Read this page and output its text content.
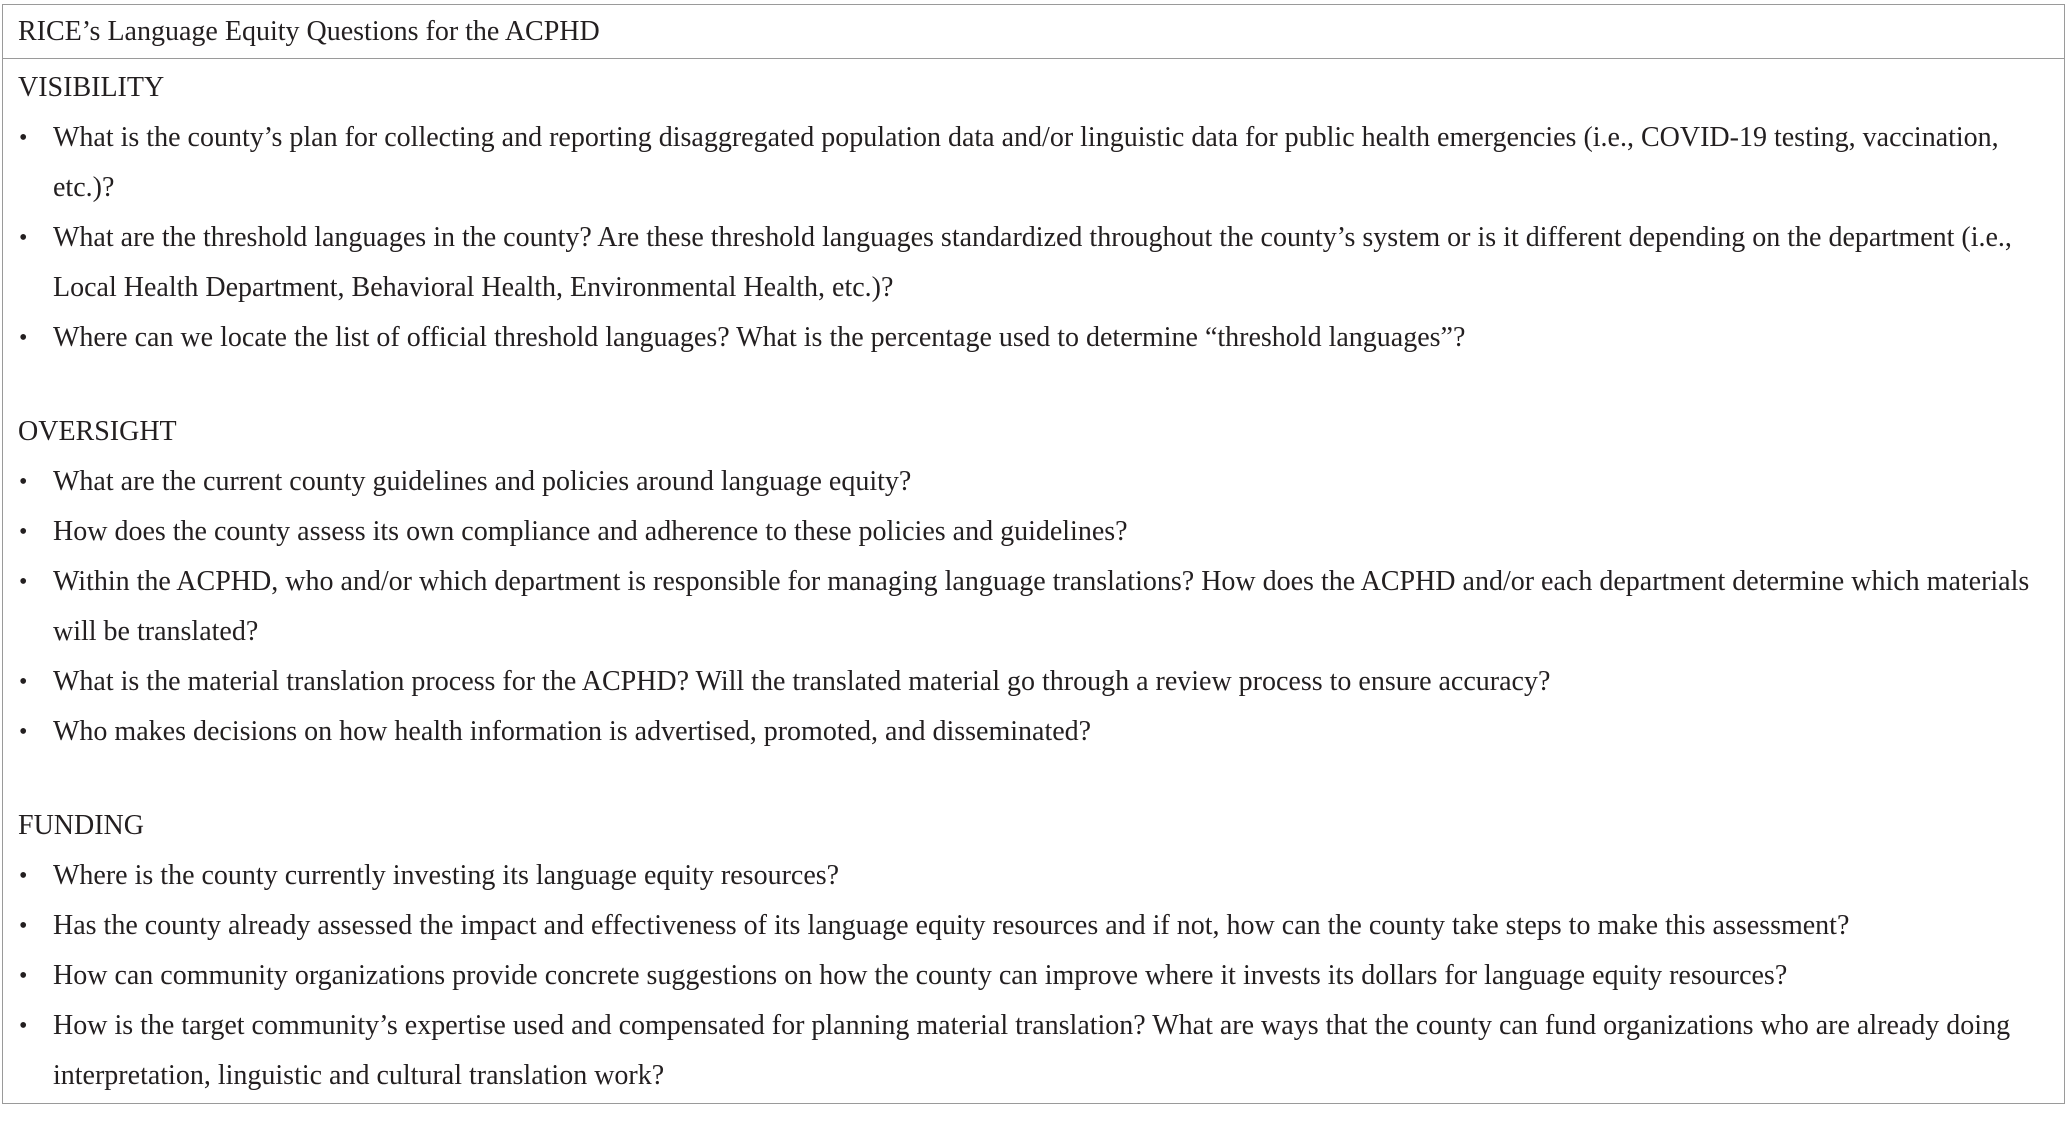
RICE’s Language Equity Questions for the ACPHD
VISIBILITY
• What is the county’s plan for collecting and reporting disaggregated population data and/or linguistic data for public health emergencies (i.e., COVID-19 testing, vaccination, etc.)?
• What are the threshold languages in the county? Are these threshold languages standardized throughout the county’s system or is it different depending on the department (i.e., Local Health Department, Behavioral Health, Environmental Health, etc.)?
• Where can we locate the list of official threshold languages? What is the percentage used to determine “threshold languages”?
OVERSIGHT
• What are the current county guidelines and policies around language equity?
• How does the county assess its own compliance and adherence to these policies and guidelines?
• Within the ACPHD, who and/or which department is responsible for managing language translations? How does the ACPHD and/or each department determine which materials will be translated?
• What is the material translation process for the ACPHD? Will the translated material go through a review process to ensure accuracy?
• Who makes decisions on how health information is advertised, promoted, and disseminated?
FUNDING
• Where is the county currently investing its language equity resources?
• Has the county already assessed the impact and effectiveness of its language equity resources and if not, how can the county take steps to make this assessment?
• How can community organizations provide concrete suggestions on how the county can improve where it invests its dollars for language equity resources?
• How is the target community’s expertise used and compensated for planning material translation? What are ways that the county can fund organizations who are already doing interpretation, linguistic and cultural translation work?
